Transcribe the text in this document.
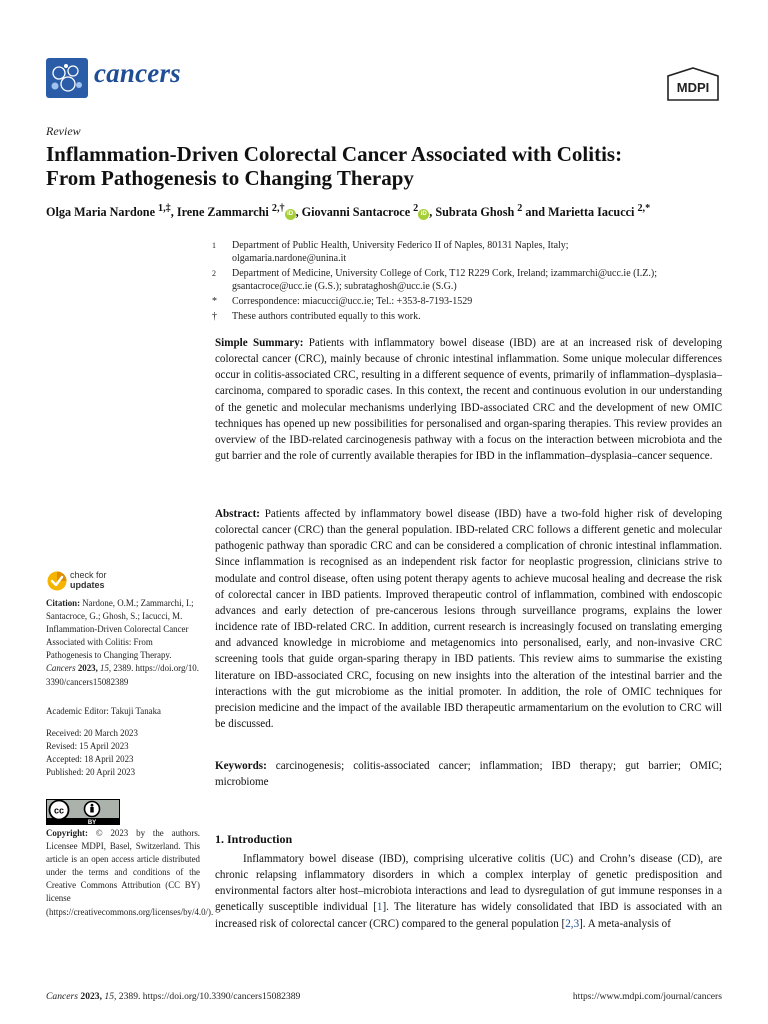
cancers	MDPI
Review
Inflammation-Driven Colorectal Cancer Associated with Colitis:
From Pathogenesis to Changing Therapy
Olga Maria Nardone $^{1,\ddagger}$, Irene Zammarchi $^{2,\dagger}$iD , Giovanni Santacroce $^2$iD , Subrata Ghosh $^2$ and Marietta Iacucci $^{2,*}$
1	Department of Public Health, University Federico II of Naples, 80131 Naples, Italy;
olgamaria.nardone@unina.it
2	Department of Medicine, University College of Cork, T12 R229 Cork, Ireland; izammarchi@ucc.ie (I.Z.);
gsantacroce@ucc.ie (G.S.); subrataghosh@ucc.ie (S.G.)
*	Correspondence: miacucci@ucc.ie; Tel.: +353-8-7193-1529
†	These authors contributed equally to this work.
Simple Summary: Patients with inflammatory bowel disease (IBD) are at an increased risk of developing colorectal cancer (CRC), mainly because of chronic intestinal inflammation. Some unique molecular differences occur in colitis-associated CRC, resulting in a different sequence of events, primarily of inflammation–dysplasia–carcinoma, compared to sporadic cases. In this context, the recent and continuous evolution in our understanding of the genetic and molecular mechanisms underlying IBD-associated CRC and the development of new OMIC techniques has opened up new possibilities for personalised and organ-sparing therapies. This review provides an overview of the IBD-related carcinogenesis pathway with a focus on the interaction between microbiota and the gut barrier and the role of currently available therapies for IBD in the inflammation–dysplasia–cancer sequence.
Abstract: Patients affected by inflammatory bowel disease (IBD) have a two-fold higher risk of developing colorectal cancer (CRC) than the general population. IBD-related CRC follows a different genetic and molecular pathogenic pathway than sporadic CRC and can be considered a complication of chronic intestinal inflammation. Since inflammation is recognised as an independent risk factor for neoplastic progression, clinicians strive to modulate and control disease, often using potent therapy agents to achieve mucosal healing and decrease the risk of colorectal cancer in IBD patients. Improved therapeutic control of inflammation, combined with endoscopic advances and early detection of pre-cancerous lesions through surveillance programs, explains the lower incidence rate of IBD-related CRC. In addition, current research is increasingly focused on translating emerging and advanced knowledge in microbiome and metagenomics into personalised, early, and non-invasive CRC screening tools that guide organ-sparing therapy in IBD patients. This review aims to summarise the existing literature on IBD-associated CRC, focusing on new insights into the alteration of the intestinal barrier and the interactions with the gut microbiome as the initial promoter. In addition, the role of OMIC techniques for precision medicine and the impact of the available IBD therapeutic armamentarium on the evolution to CRC will be discussed.
Keywords: carcinogenesis; colitis-associated cancer; inflammation; IBD therapy; gut barrier; OMIC; microbiome
1. Introduction
Inflammatory bowel disease (IBD), comprising ulcerative colitis (UC) and Crohn’s disease (CD), are chronic relapsing inflammatory disorders in which a complex interplay of genetic predisposition and environmental factors alter host–microbiota interactions and lead to dysregulation of gut immune responses in a genetically susceptible individual [1]. The literature has widely consolidated that IBD is associated with an increased risk of colorectal cancer (CRC) compared to the general population [2,3]. A meta-analysis of
check for
updates
Citation: Nardone, O.M.; Zammarchi, I.; Santacroce, G.; Ghosh, S.; Iacucci, M. Inflammation-Driven Colorectal Cancer Associated with Colitis: From Pathogenesis to Changing Therapy. Cancers 2023, 15, 2389. https://doi.org/10.3390/cancers15082389
Academic Editor: Takuji Tanaka
Received: 20 March 2023
Revised: 15 April 2023
Accepted: 18 April 2023
Published: 20 April 2023
cc
BY
Copyright: © 2023 by the authors. Licensee MDPI, Basel, Switzerland. This article is an open access article distributed under the terms and conditions of the Creative Commons Attribution (CC BY) license (https://creativecommons.org/licenses/by/4.0/).
Cancers 2023, 15, 2389. https://doi.org/10.3390/cancers15082389	https://www.mdpi.com/journal/cancers
